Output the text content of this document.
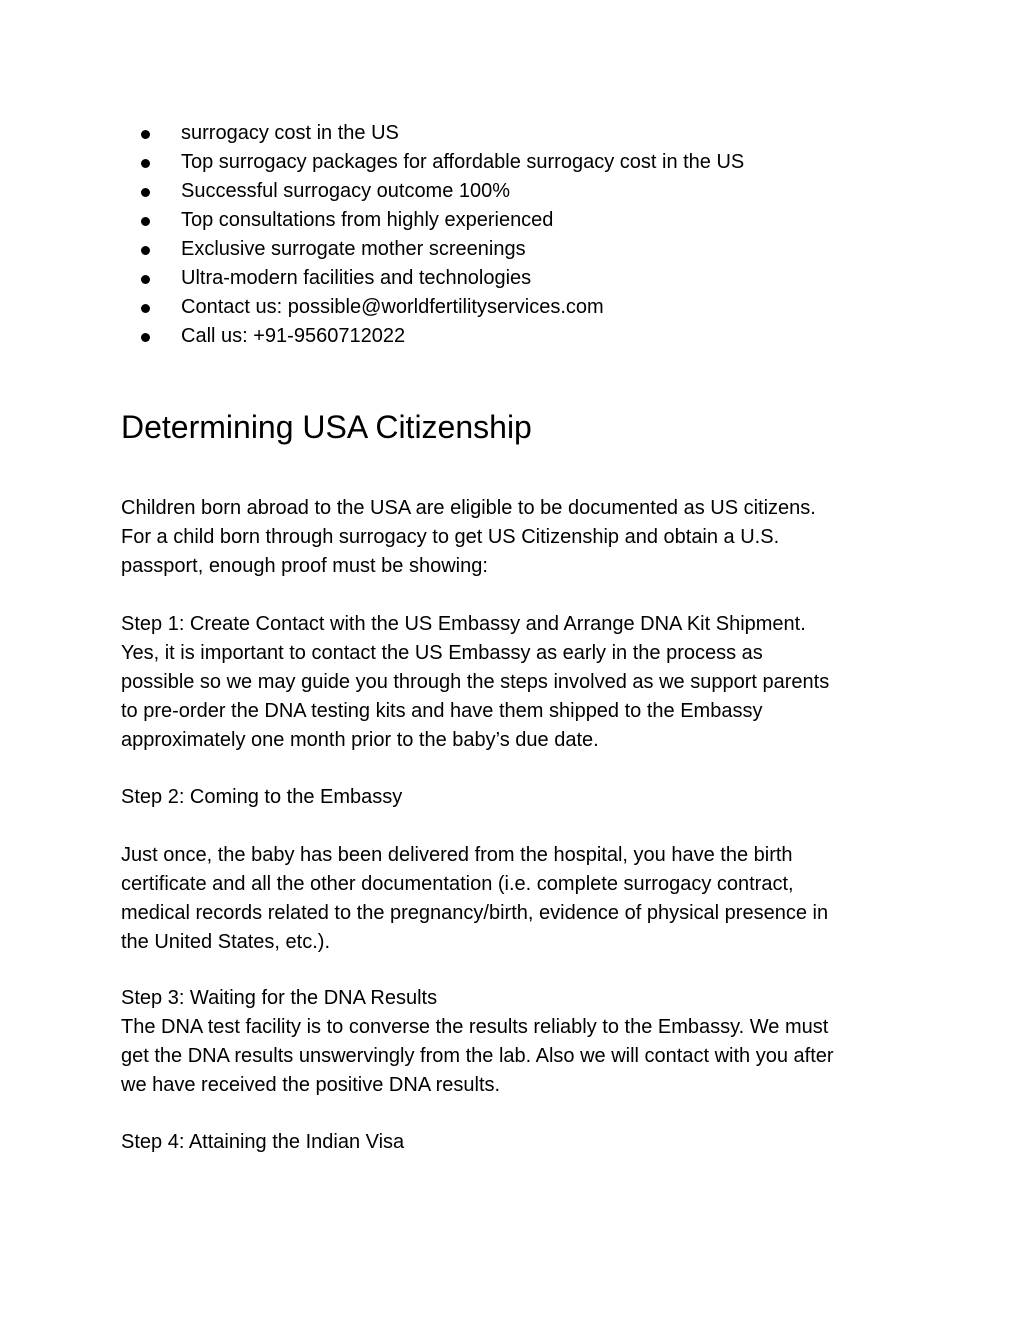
surrogacy cost in the US
Top surrogacy packages for affordable surrogacy cost in the US
Successful surrogacy outcome 100%
Top consultations from highly experienced
Exclusive surrogate mother screenings
Ultra-modern facilities and technologies
Contact us: possible@worldfertilityservices.com
Call us: +91-9560712022
Determining USA Citizenship
Children born abroad to the USA are eligible to be documented as US citizens.
For a child born through surrogacy to get US Citizenship and obtain a U.S.
passport, enough proof must be showing:
Step 1: Create Contact with the US Embassy and Arrange DNA Kit Shipment.
Yes, it is important to contact the US Embassy as early in the process as
possible so we may guide you through the steps involved as we support parents
to pre-order the DNA testing kits and have them shipped to the Embassy
approximately one month prior to the baby’s due date.
Step 2: Coming to the Embassy
Just once, the baby has been delivered from the hospital, you have the birth
certificate and all the other documentation (i.e. complete surrogacy contract,
medical records related to the pregnancy/birth, evidence of physical presence in
the United States, etc.).
Step 3: Waiting for the DNA Results
The DNA test facility is to converse the results reliably to the Embassy. We must
get the DNA results unswervingly from the lab. Also we will contact with you after
we have received the positive DNA results.
Step 4: Attaining the Indian Visa
